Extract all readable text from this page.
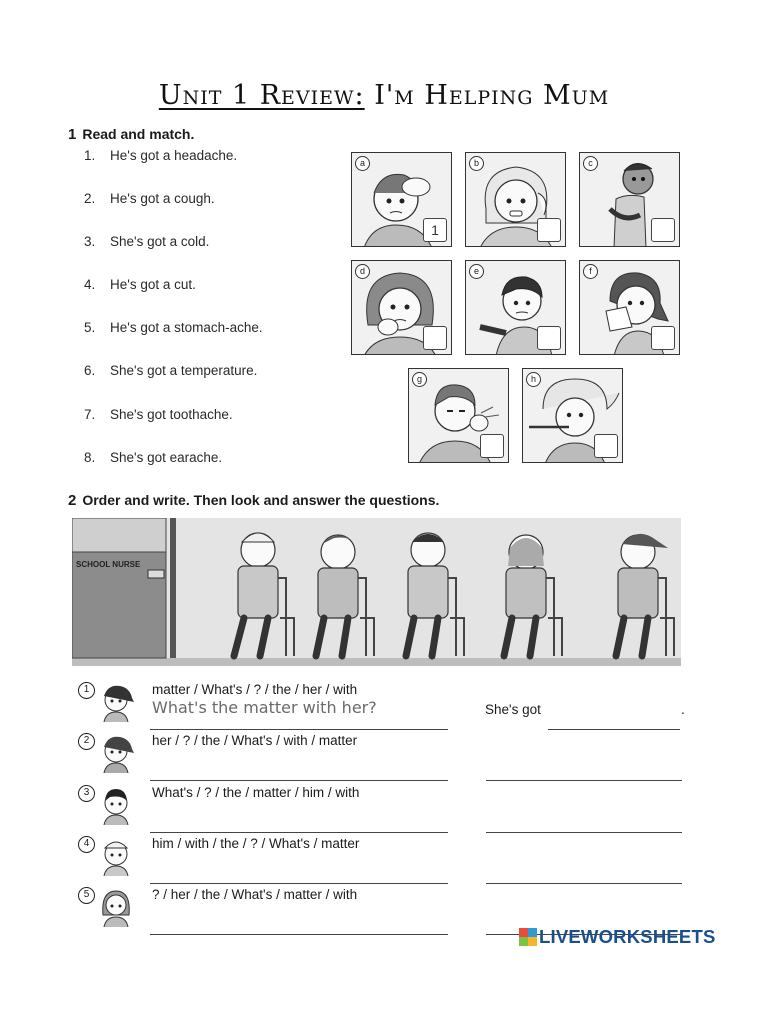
Unit 1 Review: I'm Helping Mum
1 Read and match.
1.	He's got a headache.
2.	He's got a cough.
3.	She's got a cold.
4.	He's got a cut.
5.	He's got a stomach-ache.
6.	She's got a temperature.
7.	She's got toothache.
8.	She's got earache.
a
1
b	c
d	e	f
g	h
2 Order and write. Then look and answer the questions.
SCHOOL NURSE
1	matter / What's / ? / the / her / with
What's the matter with her?	She's got	.
2	her / ? / the / What's / with / matter
3	What's / ? / the / matter / him / with
4	him / with / the / ? / What's / matter
5	? / her / the / What's / matter / with
LIVEWORKSHEETS
